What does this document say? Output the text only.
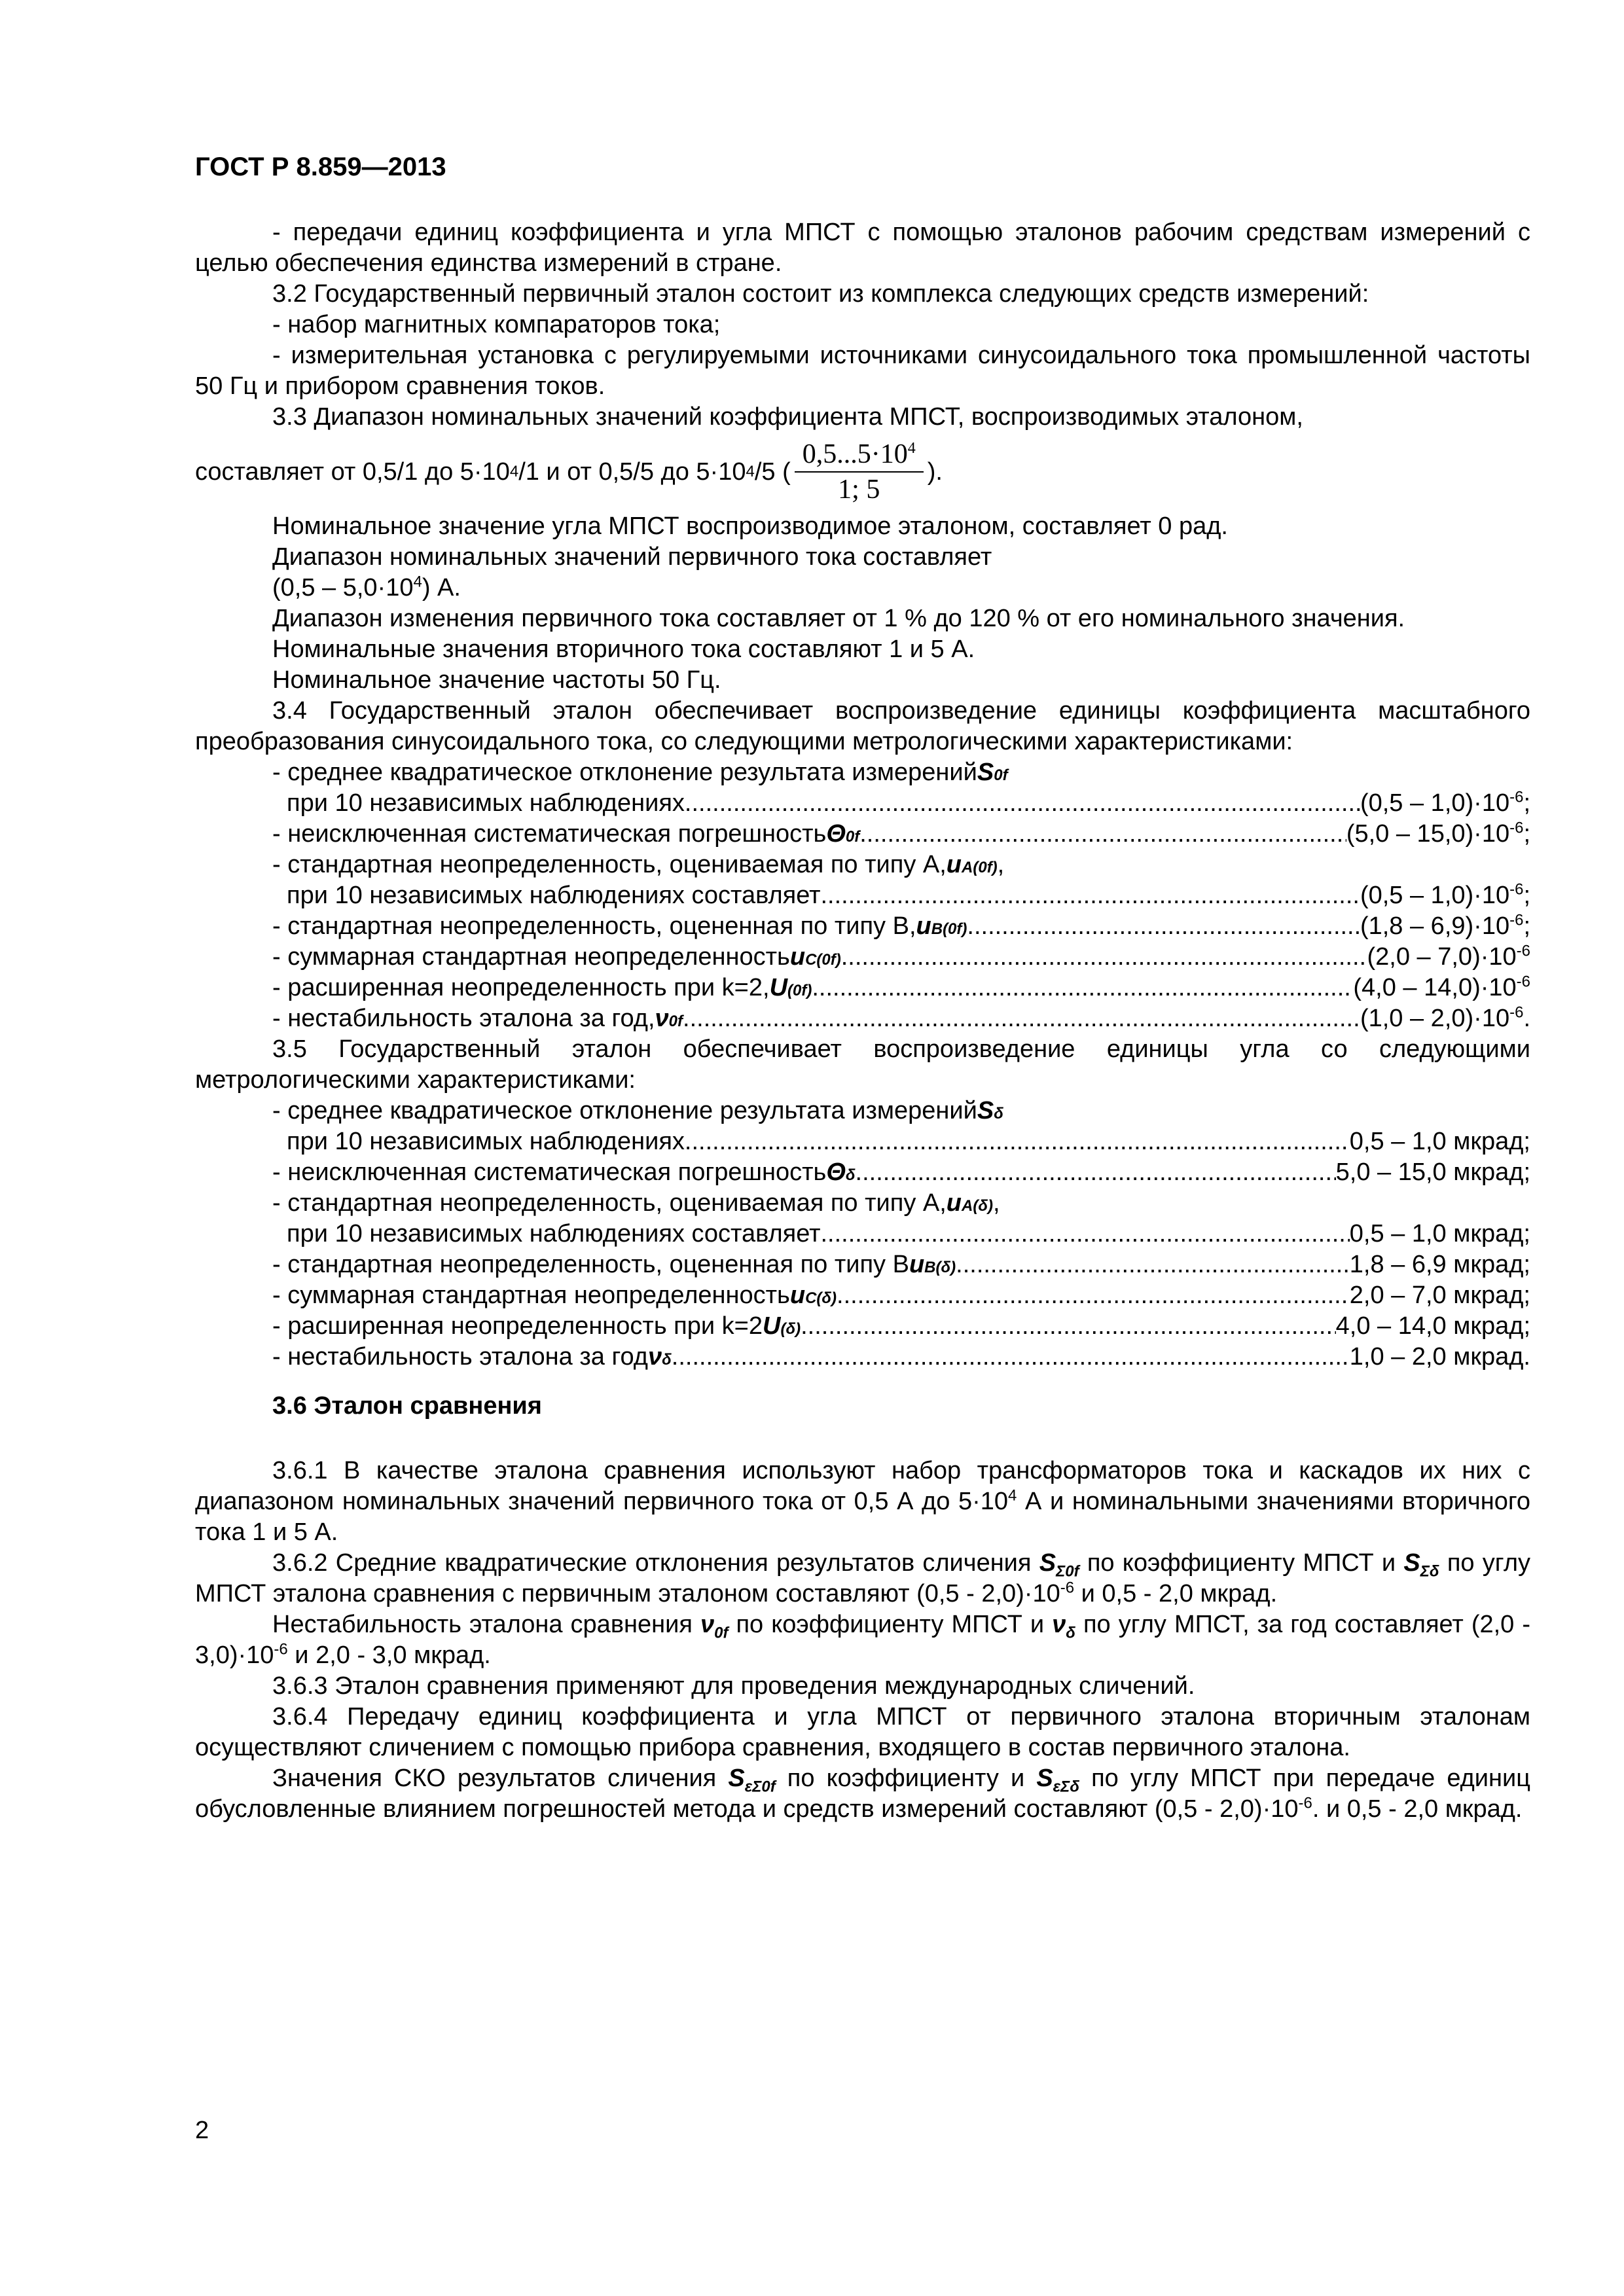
ГОСТ Р 8.859—2013

- передачи единиц коэффициента и угла МПСТ с помощью эталонов рабочим средствам измерений с целью обеспечения единства измерений в стране.

3.2 Государственный первичный эталон состоит из комплекса следующих средств измерений:

- набор магнитных компараторов тока;

- измерительная установка с регулируемыми источниками синусоидального тока промышленной частоты 50 Гц и прибором сравнения токов.

3.3 Диапазон номинальных значений коэффициента МПСТ, воспроизводимых эталоном,

составляет от 0,5/1 до 5·10 4 /1 и от 0,5/5 до 5·10 4 /5 ( $\frac{0,5...5\cdot 10^4}{1; 5}$ ).

Номинальное значение угла МПСТ воспроизводимое эталоном, составляет 0 рад.

Диапазон номинальных значений первичного тока составляет

$(0,5 - 5,0\cdot 10^4)$ А.

Диапазон изменения первичного тока составляет от 1 % до 120 % от его номинального значения.

Номинальные значения вторичного тока составляют 1 и 5 А.

Номинальное значение частоты 50 Гц.

3.4 Государственный эталон обеспечивает воспроизведение единицы коэффициента масштабного преобразования синусоидального тока, со следующими метрологическими характеристиками:

- среднее квадратическое отклонение результата измерений S 0f
при 10 независимых наблюдениях .....	$(0,5 - 1,0)\cdot 10^{-6}$;
- неисключенная систематическая погрешность Θ 0f .....	$(5,0 - 15,0)\cdot 10^{-6}$;
- стандартная неопределенность, оцениваемая по типу А, u A(0f) ,
при 10 независимых наблюдениях составляет .....	$(0,5 - 1,0)\cdot 10^{-6}$;
- стандартная неопределенность, оцененная по типу В, u B(0f) .....	$(1,8 - 6,9)\cdot 10^{-6}$;
- суммарная стандартная неопределенность u C(0f) .....	$(2,0 - 7,0)\cdot 10^{-6}$
- расширенная неопределенность при k=2, U (0f) .....	$(4,0 - 14,0)\cdot 10^{-6}$
- нестабильность эталона за год, ν 0f .....	$(1,0 - 2,0)\cdot 10^{-6}$.

3.5 Государственный эталон обеспечивает воспроизведение единицы угла со следующими метрологическими характеристиками:

- среднее квадратическое отклонение результата измерений S δ
при 10 независимых наблюдениях .....	0,5 – 1,0 мкрад;
- неисключенная систематическая погрешность Θ δ .....	5,0 – 15,0 мкрад;
- стандартная неопределенность, оцениваемая по типу А, u A(δ) ,
при 10 независимых наблюдениях составляет .....	0,5 – 1,0 мкрад;
- стандартная неопределенность, оцененная по типу В u B(δ) .....	1,8 – 6,9 мкрад;
- суммарная стандартная неопределенность u C(δ) .....	2,0 – 7,0 мкрад;
- расширенная неопределенность при k=2 U (δ) .....	4,0 – 14,0 мкрад;
- нестабильность эталона за год ν δ .....	1,0 – 2,0 мкрад.

3.6 Эталон сравнения

3.6.1 В качестве эталона сравнения используют набор трансформаторов тока и каскадов их них с диапазоном номинальных значений первичного тока от 0,5 А до $5\cdot 10^4$ А и номинальными значениями вторичного тока 1 и 5 А.

3.6.2 Средние квадратические отклонения результатов сличения $S_{\Sigma 0f}$ по коэффициенту МПСТ и $S_{\Sigma\delta}$ по углу МПСТ эталона сравнения с первичным эталоном составляют $(0,5 - 2,0)\cdot 10^{-6}$ и 0,5 - 2,0 мкрад.

Нестабильность эталона сравнения $\nu_{0f}$ по коэффициенту МПСТ и $\nu_\delta$ по углу МПСТ, за год составляет $(2,0 - 3,0)\cdot 10^{-6}$ и 2,0 - 3,0 мкрад.

3.6.3 Эталон сравнения применяют для проведения международных сличений.

3.6.4 Передачу единиц коэффициента и угла МПСТ от первичного эталона вторичным эталонам осуществляют сличением с помощью прибора сравнения, входящего в состав первичного эталона.

Значения СКО результатов сличения $S_{\varepsilon\Sigma 0f}$ по коэффициенту и $S_{\varepsilon\Sigma\delta}$ по углу МПСТ при передаче единиц обусловленные влиянием погрешностей метода и средств измерений составляют $(0,5 - 2,0)\cdot 10^{-6}$. и 0,5 - 2,0 мкрад.

2
